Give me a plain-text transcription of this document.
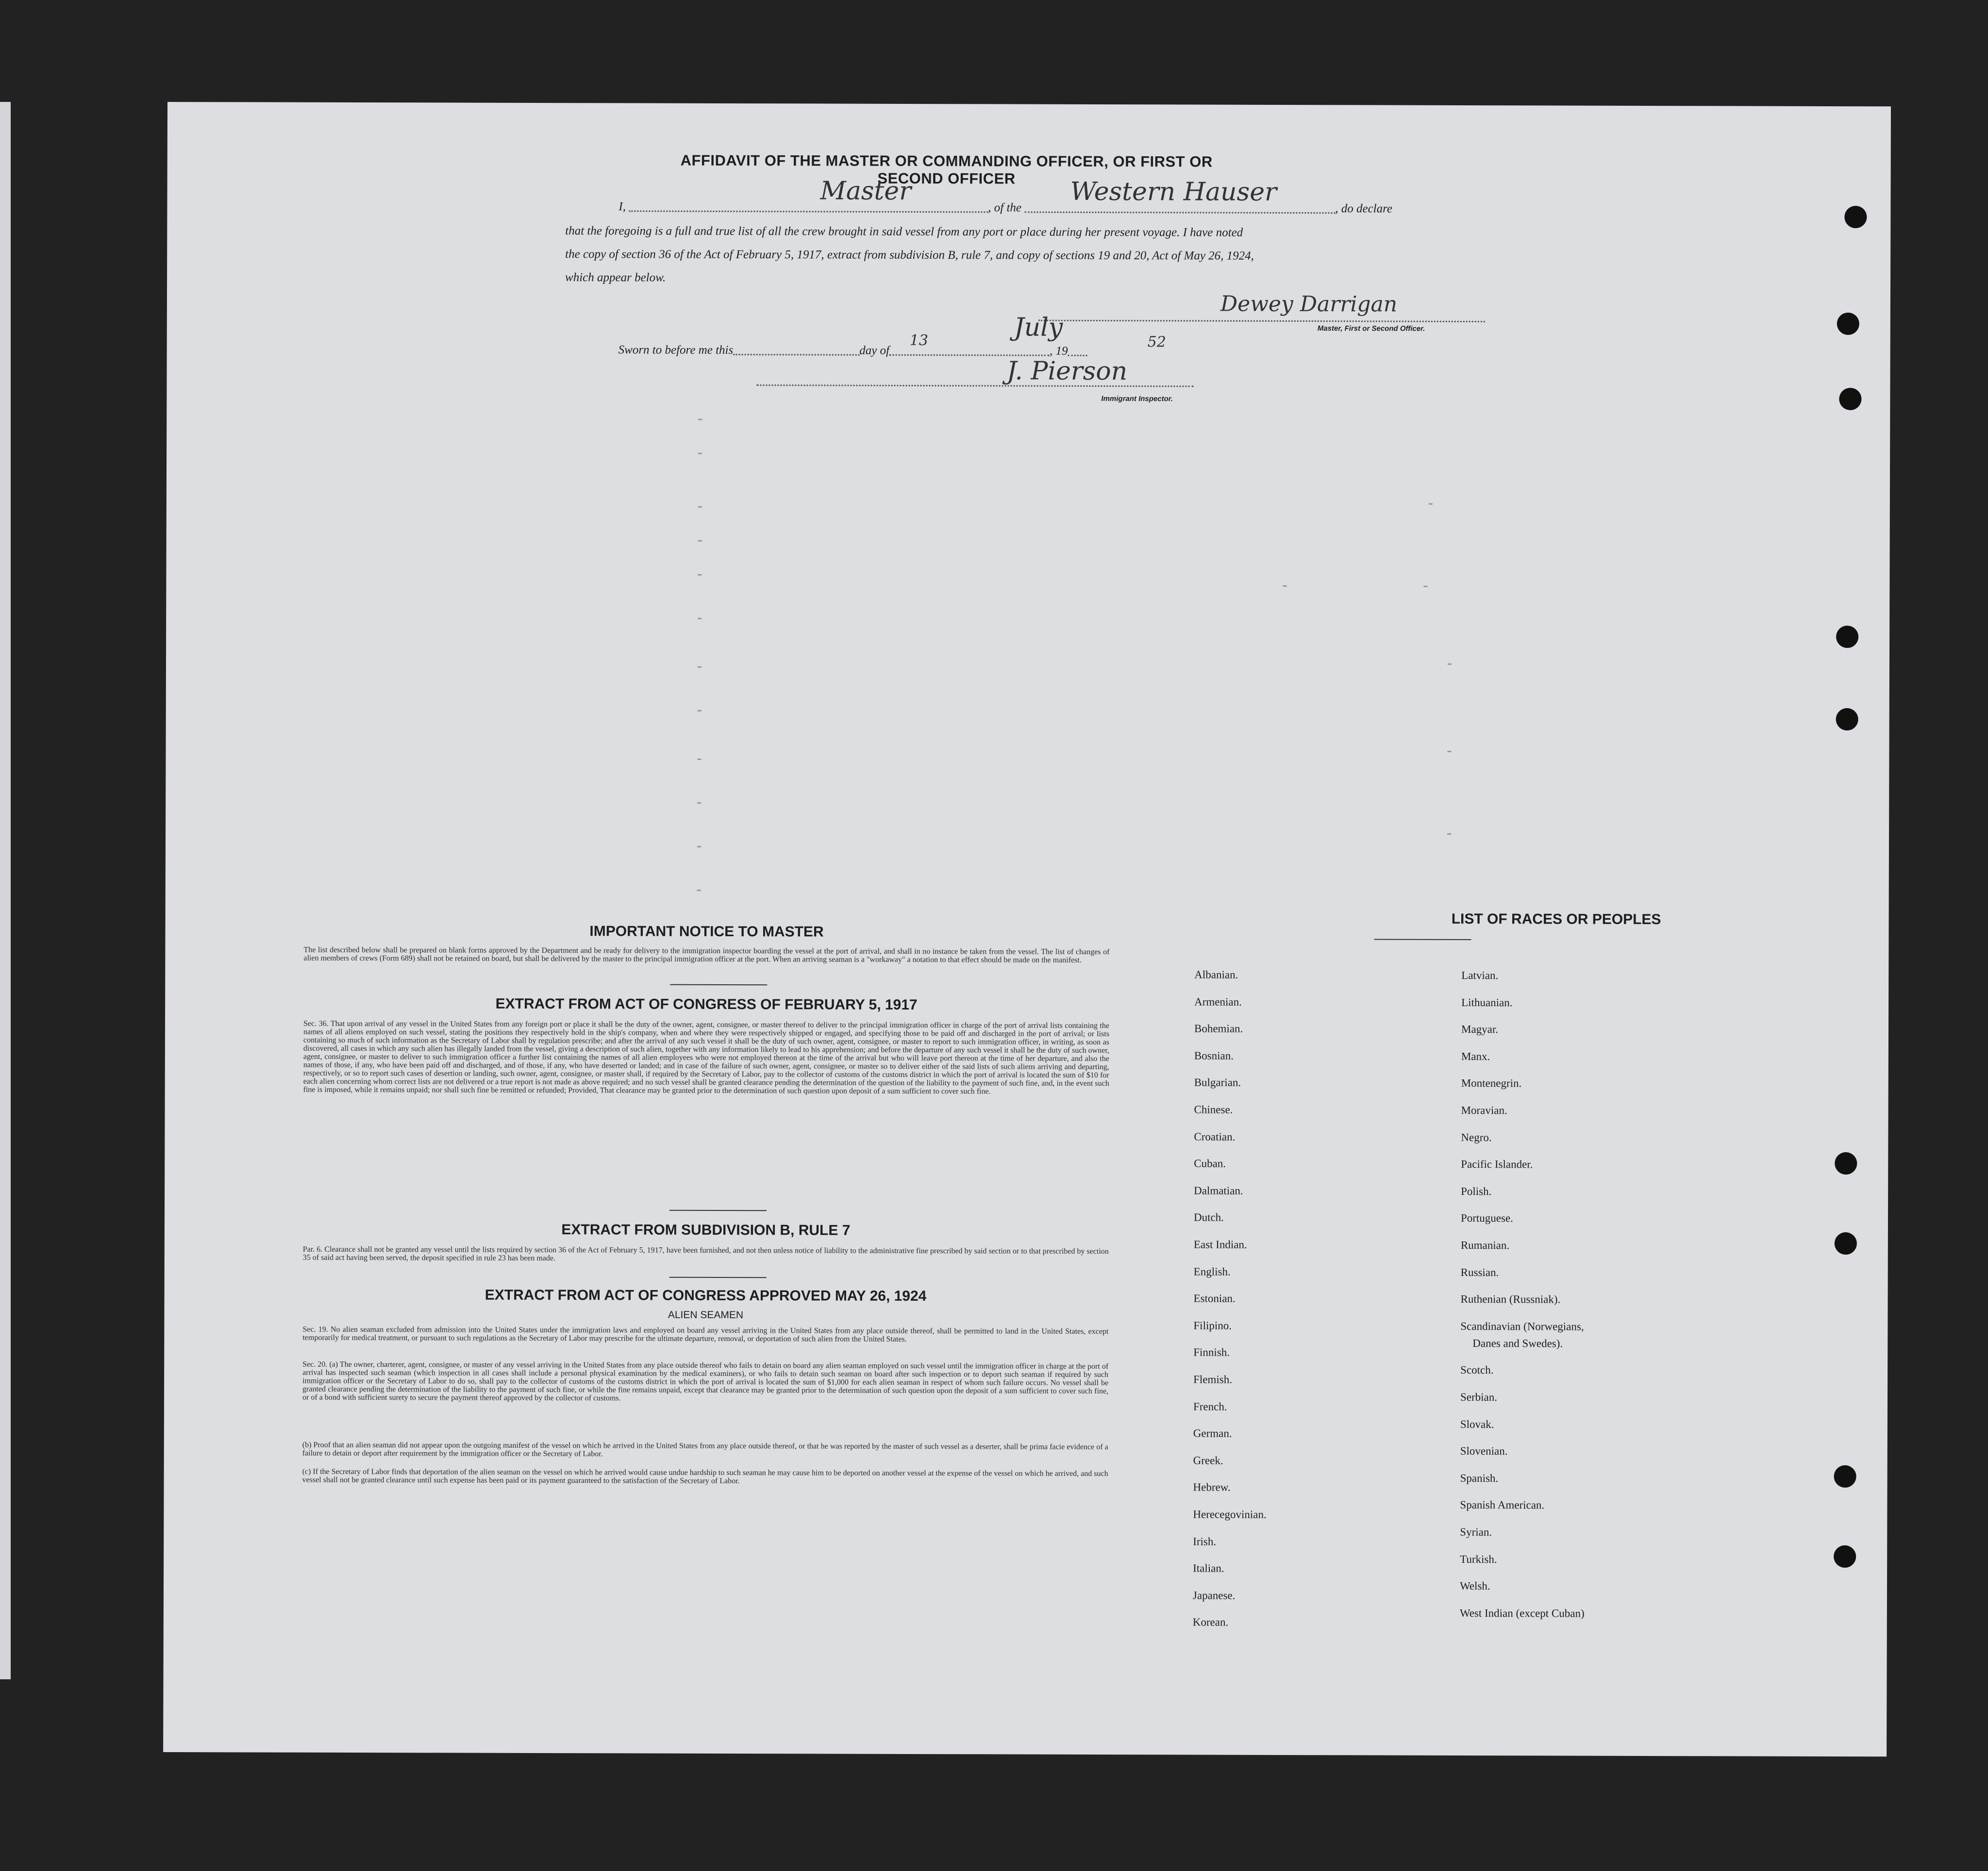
AFFIDAVIT OF THE MASTER OR COMMANDING OFFICER, OR FIRST OR SECOND OFFICER
I,	, of the	, do declare
Master	Western Hauser
that the foregoing is a full and true list of all the crew brought in said vessel from any port or place during her present voyage. I have noted
the copy of section 36 of the Act of February 5, 1917, extract from subdivision B, rule 7, and copy of sections 19 and 20, Act of May 26, 1924,
which appear below.
Dewey Darrigan
Master, First or Second Officer.
Sworn to before me this	day of	, 19
13	July
52
J. Pierson
Immigrant Inspector.
IMPORTANT NOTICE TO MASTER
The list described below shall be prepared on blank forms approved by the Department and be ready for delivery to the immigration inspector boarding the vessel at the port of arrival, and shall in no instance be taken from the vessel. The list of changes of alien members of crews (Form 689) shall not be retained on board, but shall be delivered by the master to the principal immigration officer at the port. When an arriving seaman is a "workaway" a notation to that effect should be made on the manifest.
EXTRACT FROM ACT OF CONGRESS OF FEBRUARY 5, 1917
Sec. 36. That upon arrival of any vessel in the United States from any foreign port or place it shall be the duty of the owner, agent, consignee, or master thereof to deliver to the principal immigration officer in charge of the port of arrival lists containing the names of all aliens employed on such vessel, stating the positions they respectively hold in the ship's company, when and where they were respectively shipped or engaged, and specifying those to be paid off and discharged in the port of arrival; or lists containing so much of such information as the Secretary of Labor shall by regulation prescribe; and after the arrival of any such vessel it shall be the duty of such owner, agent, consignee, or master to report to such immigration officer, in writing, as soon as discovered, all cases in which any such alien has illegally landed from the vessel, giving a description of such alien, together with any information likely to lead to his apprehension; and before the departure of any such vessel it shall be the duty of such owner, agent, consignee, or master to deliver to such immigration officer a further list containing the names of all alien employees who were not employed thereon at the time of the arrival but who will leave port thereon at the time of her departure, and also the names of those, if any, who have been paid off and discharged, and of those, if any, who have deserted or landed; and in case of the failure of such owner, agent, consignee, or master so to deliver either of the said lists of such aliens arriving and departing, respectively, or so to report such cases of desertion or landing, such owner, agent, consignee, or master shall, if required by the Secretary of Labor, pay to the collector of customs of the customs district in which the port of arrival is located the sum of $10 for each alien concerning whom correct lists are not delivered or a true report is not made as above required; and no such vessel shall be granted clearance pending the determination of the question of the liability to the payment of such fine, and, in the event such fine is imposed, while it remains unpaid; nor shall such fine be remitted or refunded; Provided, That clearance may be granted prior to the determination of such question upon deposit of a sum sufficient to cover such fine.
EXTRACT FROM SUBDIVISION B, RULE 7
Par. 6. Clearance shall not be granted any vessel until the lists required by section 36 of the Act of February 5, 1917, have been furnished, and not then unless notice of liability to the administrative fine prescribed by said section or to that prescribed by section 35 of said act having been served, the deposit specified in rule 23 has been made.
EXTRACT FROM ACT OF CONGRESS APPROVED MAY 26, 1924
ALIEN SEAMEN
Sec. 19. No alien seaman excluded from admission into the United States under the immigration laws and employed on board any vessel arriving in the United States from any place outside thereof, shall be permitted to land in the United States, except temporarily for medical treatment, or pursuant to such regulations as the Secretary of Labor may prescribe for the ultimate departure, removal, or deportation of such alien from the United States.
Sec. 20. (a) The owner, charterer, agent, consignee, or master of any vessel arriving in the United States from any place outside thereof who fails to detain on board any alien seaman employed on such vessel until the immigration officer in charge at the port of arrival has inspected such seaman (which inspection in all cases shall include a personal physical examination by the medical examiners), or who fails to detain such seaman on board after such inspection or to deport such seaman if required by such immigration officer or the Secretary of Labor to do so, shall pay to the collector of customs of the customs district in which the port of arrival is located the sum of $1,000 for each alien seaman in respect of whom such failure occurs. No vessel shall be granted clearance pending the determination of the liability to the payment of such fine, or while the fine remains unpaid, except that clearance may be granted prior to the determination of such question upon the deposit of a sum sufficient to cover such fine, or of a bond with sufficient surety to secure the payment thereof approved by the collector of customs.
(b) Proof that an alien seaman did not appear upon the outgoing manifest of the vessel on which he arrived in the United States from any place outside thereof, or that he was reported by the master of such vessel as a deserter, shall be prima facie evidence of a failure to detain or deport after requirement by the immigration officer or the Secretary of Labor.
(c) If the Secretary of Labor finds that deportation of the alien seaman on the vessel on which he arrived would cause undue hardship to such seaman he may cause him to be deported on another vessel at the expense of the vessel on which he arrived, and such vessel shall not be granted clearance until such expense has been paid or its payment guaranteed to the satisfaction of the Secretary of Labor.
LIST OF RACES OR PEOPLES
Albanian.
Armenian.
Bohemian.
Bosnian.
Bulgarian.
Chinese.
Croatian.
Cuban.
Dalmatian.
Dutch.
East Indian.
English.
Estonian.
Filipino.
Finnish.
Flemish.
French.
German.
Greek.
Hebrew.
Herecegovinian.
Irish.
Italian.
Japanese.
Korean.
Latvian.
Lithuanian.
Magyar.
Manx.
Montenegrin.
Moravian.
Negro.
Pacific Islander.
Polish.
Portuguese.
Rumanian.
Russian.
Ruthenian (Russniak).
Scandinavian (Norwegians,
Danes and Swedes).
Scotch.
Serbian.
Slovak.
Slovenian.
Spanish.
Spanish American.
Syrian.
Turkish.
Welsh.
West Indian (except Cuban)
